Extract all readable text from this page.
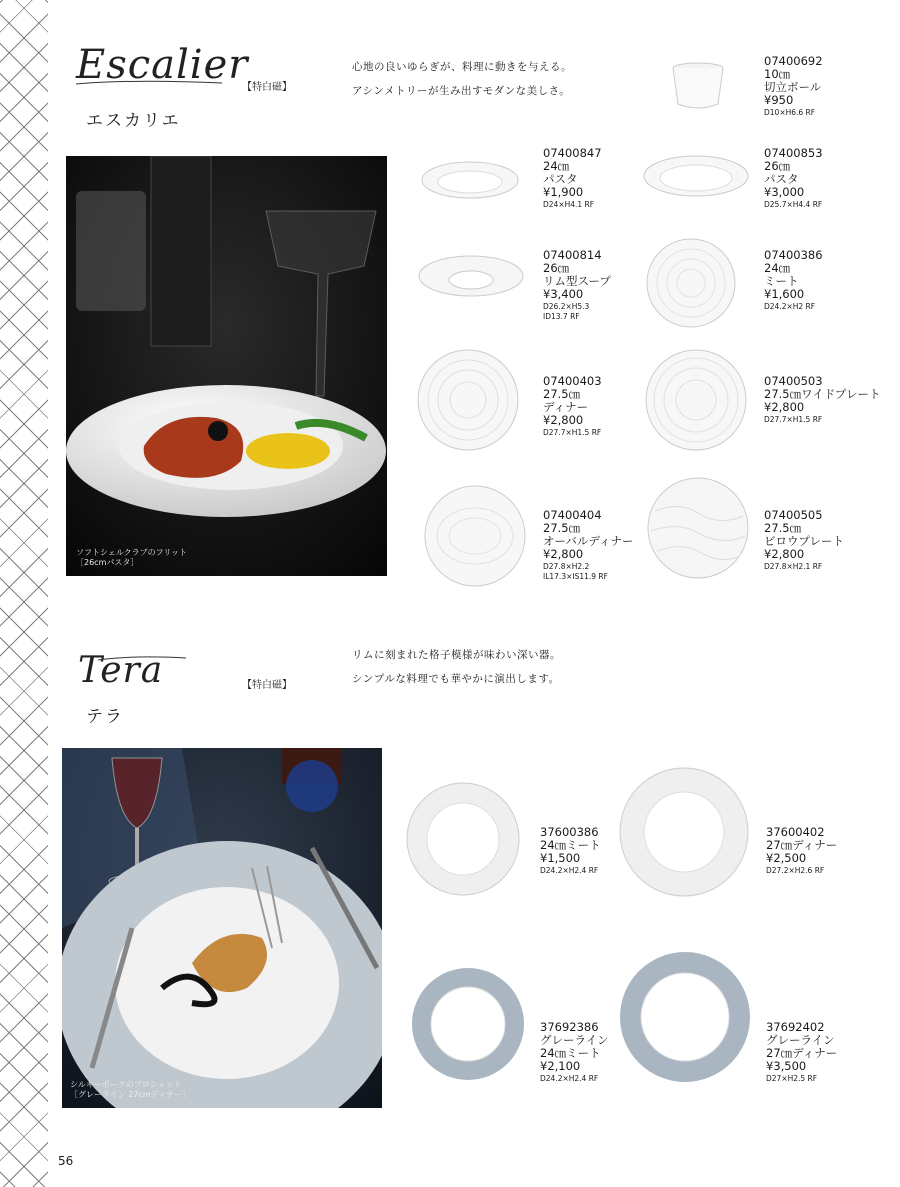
Escalier
【特白磁】
エスカリエ
心地の良いゆらぎが、料理に動きを与える。
アシンメトリーが生み出すモダンな美しさ。
ソフトシェルクラブのフリット
［26cmパスタ］
07400692
10㎝
切立ボール
¥950
D10×H6.6 RF
07400847
24㎝
パスタ
¥1,900
D24×H4.1 RF
07400853
26㎝
パスタ
¥3,000
D25.7×H4.4 RF
07400814
26㎝
リム型スープ
¥3,400
D26.2×H5.3
ID13.7 RF
07400386
24㎝
ミート
¥1,600
D24.2×H2 RF
07400403
27.5㎝
ディナー
¥2,800
D27.7×H1.5 RF
07400503
27.5㎝ワイドプレート
¥2,800
D27.7×H1.5 RF
07400404
27.5㎝
オーバルディナー
¥2,800
D27.8×H2.2
IL17.3×IS11.9 RF
07400505
27.5㎝
ビロウプレート
¥2,800
D27.8×H2.1 RF
Tera	【特白磁】
テラ
リムに刻まれた格子模様が味わい深い器。
シンプルな料理でも華やかに演出します。
シルキーポークのブロシェット
［グレーライン 27cmディナー］
37600386
24㎝ミート
¥1,500
D24.2×H2.4 RF
37600402
27㎝ディナー
¥2,500
D27.2×H2.6 RF
37692386
グレーライン
24㎝ミート
¥2,100
D24.2×H2.4 RF
37692402
グレーライン
27㎝ディナー
¥3,500
D27×H2.5 RF
56
